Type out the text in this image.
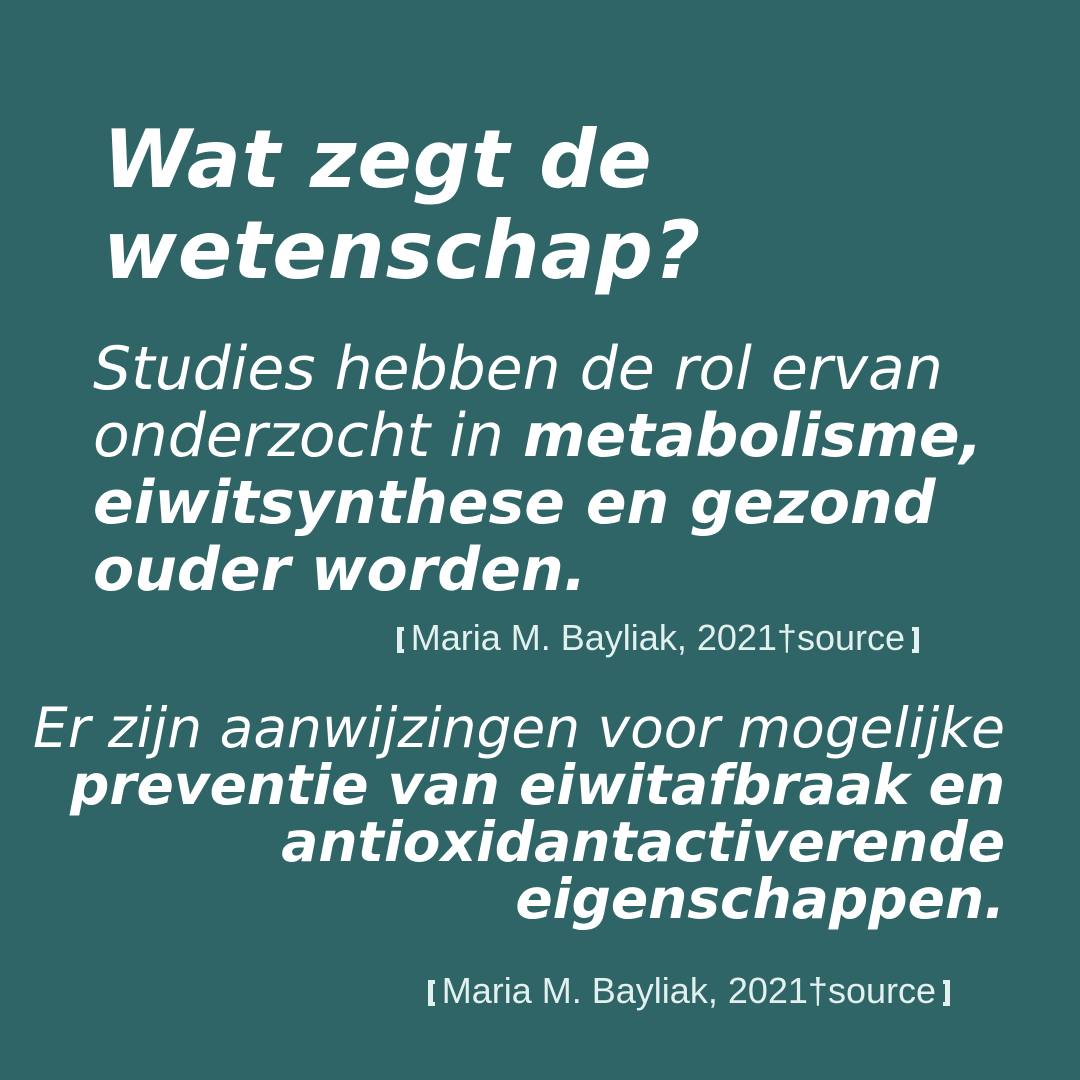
Wat zegt de
wetenschap?

Studies hebben de rol ervan
onderzocht in metabolisme,
eiwitsynthese en gezond
ouder worden.

Maria M. Bayliak, 2021†source

Er zijn aanwijzingen voor mogelijke
preventie van eiwitafbraak en
antioxidantactiverende
eigenschappen.

Maria M. Bayliak, 2021†source
